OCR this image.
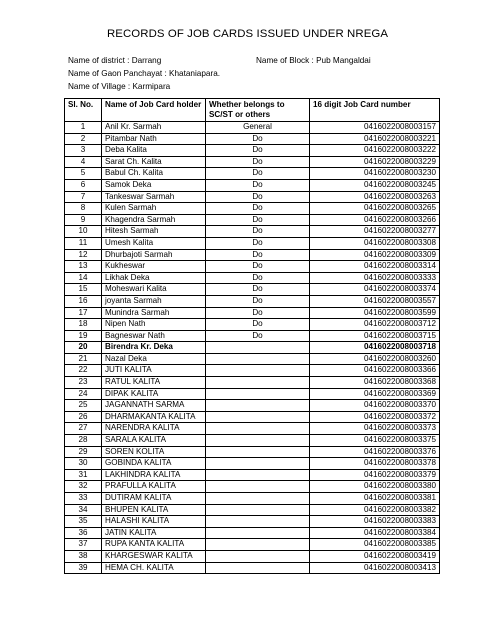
RECORDS OF JOB CARDS ISSUED UNDER NREGA
Name of district : Darrang	Name of Block : Pub Mangaldai
Name of Gaon Panchayat : Khataniapara.
Name of Village : Karmipara
Sl. No.	Name of Job Card holder	Whether belongs to SC/ST or others	16 digit Job Card number
1	Anil Kr. Sarmah	General	0416022008003157
2	Pitambar Nath	Do	0416022008003221
3	Deba Kalita	Do	0416022008003222
4	Sarat Ch. Kalita	Do	0416022008003229
5	Babul Ch. Kalita	Do	0416022008003230
6	Samok Deka	Do	0416022008003245
7	Tankeswar Sarmah	Do	0416022008003263
8	Kulen Sarmah	Do	0416022008003265
9	Khagendra Sarmah	Do	0416022008003266
10	Hitesh Sarmah	Do	0416022008003277
11	Umesh Kalita	Do	0416022008003308
12	Dhurbajoti Sarmah	Do	0416022008003309
13	Kukheswar	Do	0416022008003314
14	Likhak Deka	Do	0416022008003333
15	Moheswari Kalita	Do	0416022008003374
16	joyanta Sarmah	Do	0416022008003557
17	Munindra Sarmah	Do	0416022008003599
18	Nipen Nath	Do	0416022008003712
19	Bagneswar Nath	Do	0416022008003715
20	Birendra Kr. Deka		0416022008003718
21	Nazal Deka		0416022008003260
22	JUTI KALITA		0416022008003366
23	RATUL KALITA		0416022008003368
24	DIPAK KALITA		0416022008003369
25	JAGANNATH SARMA		0416022008003370
26	DHARMAKANTA KALITA		0416022008003372
27	NARENDRA KALITA		0416022008003373
28	SARALA KALITA		0416022008003375
29	SOREN KOLITA		0416022008003376
30	GOBINDA KALITA		0416022008003378
31	LAKHINDRA KALITA		0416022008003379
32	PRAFULLA KALITA		0416022008003380
33	DUTIRAM KALITA		0416022008003381
34	BHUPEN KALITA		0416022008003382
35	HALASHI KALITA		0416022008003383
36	JATIN KALITA		0416022008003384
37	RUPA KANTA KALITA		0416022008003385
38	KHARGESWAR KALITA		0416022008003419
39	HEMA CH. KALITA		0416022008003413
